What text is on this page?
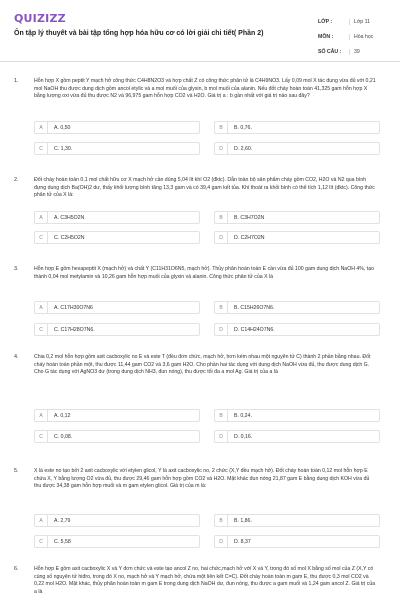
QUIZIZZ
Ôn tập lý thuyết và bài tập tổng hợp hóa hữu cơ có lời giải chi tiết( Phần 2)
LỚP :	Lớp 11
MÔN :	Hóa học
SỐ CÂU :	39
1.	Hỗn hợp X gồm peptit Y mạch hở công thức C4H8N2O3 và hợp chất Z có công thức phân tử là C4H9NO3. Lấy 0,09 mol X tác dụng vừa đủ với 0,21 mol NaOH thu được dung dịch gồm ancol etylic và a mol muối của glyxin, b mol muối của alanin. Nếu đốt cháy hoàn toàn 41,325 gam hỗn hợp X bằng lượng oxi vừa đủ thu được N2 và 96,975 gam hỗn hợp CO2 và H2O. Giá trị a : b gần nhất với giá trị nào sau đây?

A	A. 0,50	B	B. 0,76.
C	C. 1,30.	D	D. 2,60.
2.	Đốt cháy hoàn toàn 0,1 mol chất hữu cơ X mạch hở cần dùng 5,04 lít khí O2 (đktc). Dẫn toàn bộ sản phẩm cháy gồm CO2, H2O và N2 qua bình đựng dung dịch Ba(OH)2 dư, thấy khối lượng bình tăng 13,3 gam và có 39,4 gam kết tủa. Khí thoát ra khỏi bình có thể tích 1,12 lít (đktc). Công thức phân tử của X là:

A	A. C3H5O2N	B	B. C3H7O2N
C	C. C2H5O2N	D	D. C2H7O2N
3.	Hỗn hợp E gồm hexapeptit X (mạch hở) và chất Y (C11H31O6N5, mạch hở). Thủy phân hoàn toàn E cần vừa đủ 100 gam dung dịch NaOH 4%, tạo thành 0,04 mol metylamin và 10,26 gam hỗn hợp muối của glyxin và alanin. Công thức phân tử của X là

A	A. C17H30O7N6	B	B. C15H26O7N6.
C	C. C17H28O7N6.	D	D. C14H24O7N6.
4.	Chia 0,2 mol hỗn hợp gồm axit cacboxylic no E và este T (đều đơn chức, mạch hở, hơn kém nhau một nguyên tử C) thành 2 phần bằng nhau. Đốt cháy hoàn toàn phần một, thu được 11,44 gam CO2 và 3,6 gam H2O. Cho phần hai tác dụng với dung dịch NaOH vừa đủ, thu được dung dịch G. Cho G tác dụng với AgNO3 dư (trong dung dịch NH3, đun nóng), thu được tối đa a mol Ag. Giá trị của a là

A	A. 0,12	B	B. 0,24.
C	C. 0,08.	D	D. 0,16.
5.	X là este no tạo bởi 2 axit cacboxylic với etylen glicol, Y là axit cacboxylic no, 2 chức (X,Y đều mạch hở). Đốt cháy hoàn toàn 0,12 mol hỗn hợp E chứa X, Y bằng lượng O2 vừa đủ, thu được 29,46 gam hỗn hợp gồm CO2 và H2O. Mặt khác đun nóng 21,87 gam E bằng dung dịch KOH vừa đủ thu được 34,38 gam hỗn hợp muối và m gam etylen glicol. Giá trị của m là:

A	A. 2,79	B	B. 1,86.
C	C. 5,58	D	D. 8,37
6.	Hỗn hợp E gồm axit cacboxylic X và Y đơn chức và este tạo ancol Z no, hai chức,mạch hở với X và Y, trong đó số mol X bằng số mol của Z (X,Y có cùng số nguyên tử hiđro, trong đó X no, mạch hở và Y mạch hở, chứa một liên kết C=C). Đốt cháy hoàn toàn m gam E, thu được 0,3 mol CO2 và 0,22 mol H2O. Mặt khác, thủy phân hoàn toàn m gam E trong dung dịch NaOH dư, đun nóng, thu được a gam muối và 1,24 gam ancol Z. Giá trị của a là
